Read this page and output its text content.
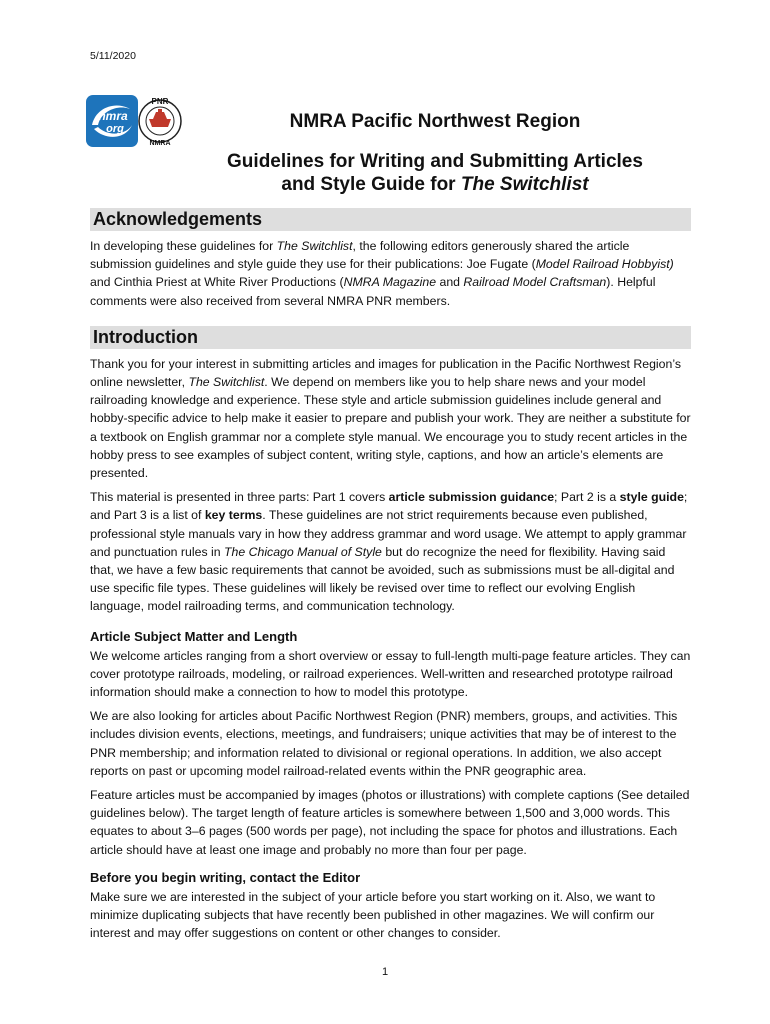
5/11/2020
nmra
org
PNR
NMRA
NMRA Pacific Northwest Region
Guidelines for Writing and Submitting Articles
and Style Guide for The Switchlist
Acknowledgements

In developing these guidelines for The Switchlist, the following editors generously shared the article submission guidelines and style guide they use for their publications: Joe Fugate (Model Railroad Hobbyist) and Cinthia Priest at White River Productions (NMRA Magazine and Railroad Model Craftsman). Helpful comments were also received from several NMRA PNR members.

Introduction

Thank you for your interest in submitting articles and images for publication in the Pacific Northwest Region’s online newsletter, The Switchlist. We depend on members like you to help share news and your model railroading knowledge and experience. These style and article submission guidelines include general and hobby-specific advice to help make it easier to prepare and publish your work. They are neither a substitute for a textbook on English grammar nor a complete style manual. We encourage you to study recent articles in the hobby press to see examples of subject content, writing style, captions, and how an article’s elements are presented.

This material is presented in three parts: Part 1 covers article submission guidance; Part 2 is a style guide; and Part 3 is a list of key terms. These guidelines are not strict requirements because even published, professional style manuals vary in how they address grammar and word usage. We attempt to apply grammar and punctuation rules in The Chicago Manual of Style but do recognize the need for flexibility. Having said that, we have a few basic requirements that cannot be avoided, such as submissions must be all-digital and use specific file types. These guidelines will likely be revised over time to reflect our evolving English language, model railroading terms, and communication technology.

Article Subject Matter and Length

We welcome articles ranging from a short overview or essay to full-length multi-page feature articles. They can cover prototype railroads, modeling, or railroad experiences. Well-written and researched prototype railroad information should make a connection to how to model this prototype.

We are also looking for articles about Pacific Northwest Region (PNR) members, groups, and activities. This includes division events, elections, meetings, and fundraisers; unique activities that may be of interest to the PNR membership; and information related to divisional or regional operations. In addition, we also accept reports on past or upcoming model railroad-related events within the PNR geographic area.

Feature articles must be accompanied by images (photos or illustrations) with complete captions (See detailed guidelines below). The target length of feature articles is somewhere between 1,500 and 3,000 words. This equates to about 3–6 pages (500 words per page), not including the space for photos and illustrations. Each article should have at least one image and probably no more than four per page.

Before you begin writing, contact the Editor

Make sure we are interested in the subject of your article before you start working on it. Also, we want to minimize duplicating subjects that have recently been published in other magazines. We will confirm our interest and may offer suggestions on content or other changes to consider.

1
